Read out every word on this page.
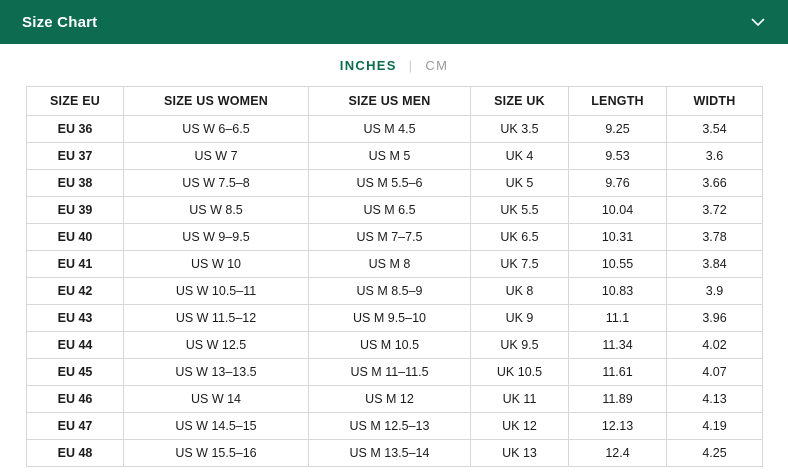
Size Chart
INCHES | CM
SIZE EU	SIZE US WOMEN	SIZE US MEN	SIZE UK	LENGTH	WIDTH
EU 36	US W 6–6.5	US M 4.5	UK 3.5	9.25	3.54
EU 37	US W 7	US M 5	UK 4	9.53	3.6
EU 38	US W 7.5–8	US M 5.5–6	UK 5	9.76	3.66
EU 39	US W 8.5	US M 6.5	UK 5.5	10.04	3.72
EU 40	US W 9–9.5	US M 7–7.5	UK 6.5	10.31	3.78
EU 41	US W 10	US M 8	UK 7.5	10.55	3.84
EU 42	US W 10.5–11	US M 8.5–9	UK 8	10.83	3.9
EU 43	US W 11.5–12	US M 9.5–10	UK 9	11.1	3.96
EU 44	US W 12.5	US M 10.5	UK 9.5	11.34	4.02
EU 45	US W 13–13.5	US M 11–11.5	UK 10.5	11.61	4.07
EU 46	US W 14	US M 12	UK 11	11.89	4.13
EU 47	US W 14.5–15	US M 12.5–13	UK 12	12.13	4.19
EU 48	US W 15.5–16	US M 13.5–14	UK 13	12.4	4.25
